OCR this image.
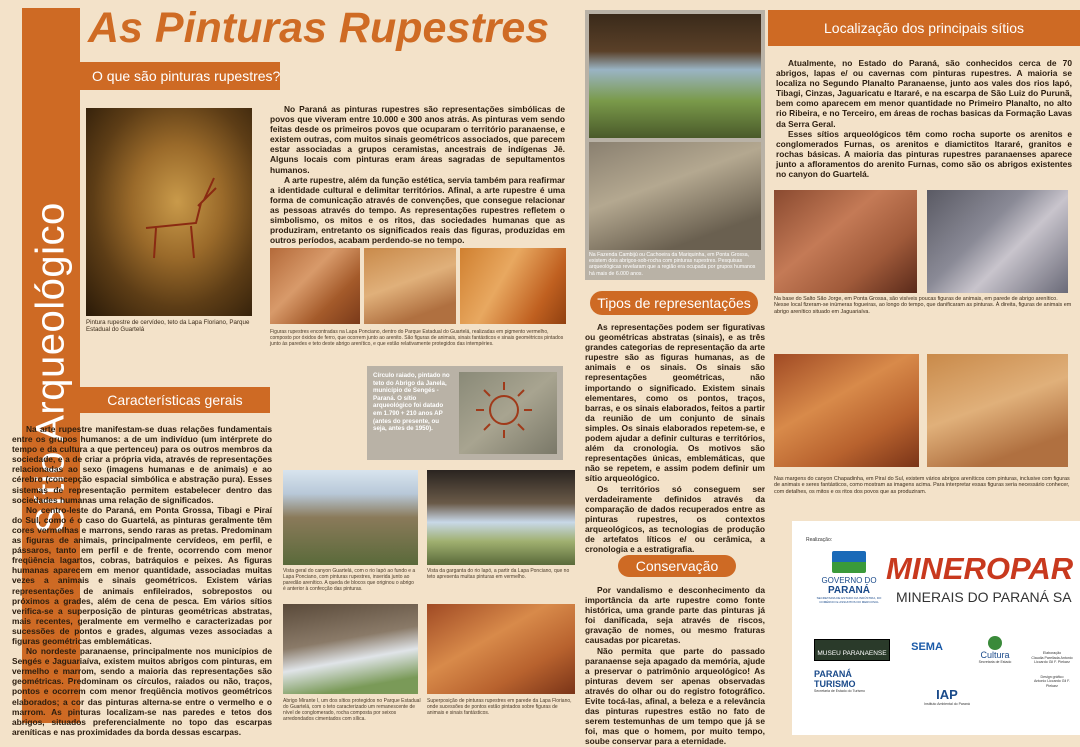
Sítio Arqueológico
As Pinturas Rupestres
O que são pinturas rupestres?

Pintura rupestre de cervídeo, teto da Lapa Floriano, Parque Estadual do Guartelá

No Paraná as pinturas rupestres são representações simbólicas de povos que viveram entre 10.000 e 300 anos atrás. As pinturas vem sendo feitas desde os primeiros povos que ocuparam o território paranaense, e existem outras, com muitos sinais geométricos associados, que parecem estar associadas a grupos ceramistas, ancestrais de indígenas Jê. Alguns locais com pinturas eram áreas sagradas de sepultamentos humanos.

A arte rupestre, além da função estética, servia também para reafirmar a identidade cultural e delimitar territórios. Afinal, a arte rupestre é uma forma de comunicação através de convenções, que consegue relacionar as pessoas através do tempo. As representações rupestres refletem o simbolismo, os mitos e os ritos, das sociedades humanas que as produziram, entretanto os significados reais das figuras, produzidas em outros períodos, acabam perdendo-se no tempo.

Figuras rupestres encontradas na Lapa Ponciano, dentro do Parque Estadual do Guartelá, realizadas em pigmento vermelho, composto por óxidos de ferro, que ocorrem junto ao arenito. São figuras de animais, sinais fantásticos e sinais geométricos pintados junto às paredes e teto deste abrigo arenítico, e que estão relativamente protegidos das intempéries.

Círculo raiado, pintado no teto do Abrigo da Janela, município de Sengés - Paraná. O sítio arqueológico foi datado em 1.790 + 210 anos AP (antes do presente, ou seja, antes de 1950).

Características gerais

Na arte rupestre manifestam-se duas relações fundamentais entre os grupos humanos: a de um indivíduo (um intérprete do tempo e da cultura a que pertenceu) para os outros membros da sociedade, e a de criar a própria vida, através de representações relacionadas ao sexo (imagens humanas e de animais) e ao cérebro (concepção espacial simbólica e abstração pura). Esses sistemas de representação permitem estabelecer dentro das sociedades humanas uma relação de significados.

No centro-leste do Paraná, em Ponta Grossa, Tibagi e Piraí do Sul, como é o caso do Guartelá, as pinturas geralmente têm cores vermelhas e marrons, sendo raras as pretas. Predominam as figuras de animais, principalmente cervídeos, em perfil, e pássaros, tanto em perfil e de frente, ocorrendo com menor freqüência lagartos, cobras, batráquios e peixes. As figuras humanas aparecem em menor quantidade, associadas muitas vezes a animais e sinais geométricos. Existem várias representações de animais enfileirados, sobrepostos ou próximos a grades, além de cena de pesca. Em vários sítios verifica-se a superposição de pinturas geométricas abstratas, mais recentes, geralmente em vermelho e caracterizadas por sucessões de pontos e grades, algumas vezes associadas a figuras geométricas emblemáticas.

No nordeste paranaense, principalmente nos municípios de Sengés e Jaguariaíva, existem muitos abrigos com pinturas, em vermelho e marrom, sendo a maioria das representações são geométricas. Predominam os círculos, raiados ou não, traços, pontos e ocorrem com menor freqüência motivos geométricos elaborados; a cor das pinturas alterna-se entre o vermelho e o marrom. As pinturas localizam-se nas paredes e tetos dos abrigos, situados preferencialmente no topo das escarpas areníticas e nas proximidades da borda dessas escarpas.

Vista geral do canyon Guartelá, com o rio Iapó ao fundo e a Lapa Ponciano, com pinturas rupestres, inserida junto ao paredão arenítico. A queda de blocos que originou o abrigo é anterior à confecção das pinturas.

Vista da garganta do rio Iapó, a partir da Lapa Ponciano, que no teto apresenta muitas pinturas em vermelho.

Abrigo Mirante I, um dos sítios protegidos no Parque Estadual do Guartelá, com o teto caracterizado um remanescente de nível de conglomerado, rocha composta por seixos arredondados cimentados com sílica.

Superposição de pinturas rupestres em parede da Lapa Floriano, onde sucessões de pontos estão pintados sobre figuras de animais e sinais fantásticos.

Na Fazenda Cambijú ou Cachoeira da Mariquinha, em Ponta Grossa, existem dois abrigos-sob-rocha com pinturas rupestres. Pesquisas arqueológicas revelaram que a região era ocupada por grupos humanos há mais de 6.000 anos.

Tipos de representações

As representações podem ser figurativas ou geométricas abstratas (sinais), e as três grandes categorias de representação da arte rupestre são as figuras humanas, as de animais e os sinais. Os sinais são representações geométricas, não importando o significado. Existem sinais elementares, como os pontos, traços, barras, e os sinais elaborados, feitos a partir da reunião de um conjunto de sinais simples. Os sinais elaborados repetem-se, e podem ajudar a definir culturas e territórios, além da cronologia. Os motivos são representações únicas, emblemáticas, que não se repetem, e assim podem definir um sítio arqueológico.

Os territórios só conseguem ser verdadeiramente definidos através da comparação de dados recuperados entre as pinturas rupestres, os contextos arqueológicos, as tecnologias de produção de artefatos líticos e/ ou cerâmica, a cronologia e a estratigrafia.

Conservação

Por vandalismo e desconhecimento da importância da arte rupestre como fonte histórica, uma grande parte das pinturas já foi danificada, seja através de riscos, gravação de nomes, ou mesmo fraturas causadas por picaretas.

Não permita que parte do passado paranaense seja apagado da memória, ajude a preservar o patrimônio arqueológico! As pinturas devem ser apenas observadas através do olhar ou do registro fotográfico. Evite tocá-las, afinal, a beleza e a relevância das pinturas rupestres estão no fato de serem testemunhas de um tempo que já se foi, mas que o homem, por muito tempo, soube conservar para a eternidade.

Localização dos principais sítios

Atualmente, no Estado do Paraná, são conhecidos cerca de 70 abrigos, lapas e/ ou cavernas com pinturas rupestres. A maioria se localiza no Segundo Planalto Paranaense, junto aos vales dos rios Iapó, Tibagi, Cinzas, Jaguaricatu e Itararé, e na escarpa de São Luiz do Purunã, bem como aparecem em menor quantidade no Primeiro Planalto, no alto rio Ribeira, e no Terceiro, em áreas de rochas basicas da Formação Lavas da Serra Geral.

Esses sítios arqueológicos têm como rocha suporte os arenitos e conglomerados Furnas, os arenitos e diamictitos Itararé, granitos e rochas básicas. A maioria das pinturas rupestres paranaenses aparece junto a afloramentos do arenito Furnas, como são os abrigos existentes no canyon do Guartelá.

Na base do Salto São Jorge, em Ponta Grossa, são visíveis poucas figuras de animais, em parede de abrigo arenítico. Nesse local fizeram-se inúmeras fogueiras, ao longo do tempo, que danificaram as pinturas. À direita, figuras de animais em abrigo arenítico situado em Jaguariaíva.

Nas margens do canyon Chapadinha, em Piraí do Sul, existem vários abrigos areníticos com pinturas, inclusive com figuras de animais e seres fantásticos, como mostram as imagens acima. Para interpretar essas figuras seria necessário conhecer, com detalhes, os mitos e os ritos dos povos que as produziram.

Realização:
GOVERNO DO
PARANÁ
SECRETARIA DE ESTADO DA INDÚSTRIA, DO COMÉRCIO E ASSUNTOS DO MERCOSUL
MINEROPAR
MINERAIS DO PARANÁ SA
MUSEU PARANAENSE
SEMA
Cultura
Secretaria de Estado
PARANÁ TURISMO
Secretaria de Estado do Turismo	IAP
Instituto Ambiental do Paraná
Elaboração
Claudia Parellada Antonio Liccardo Gil F. Piekarz
Design gráfico
Antonio Liccardo Gil F. Piekarz
